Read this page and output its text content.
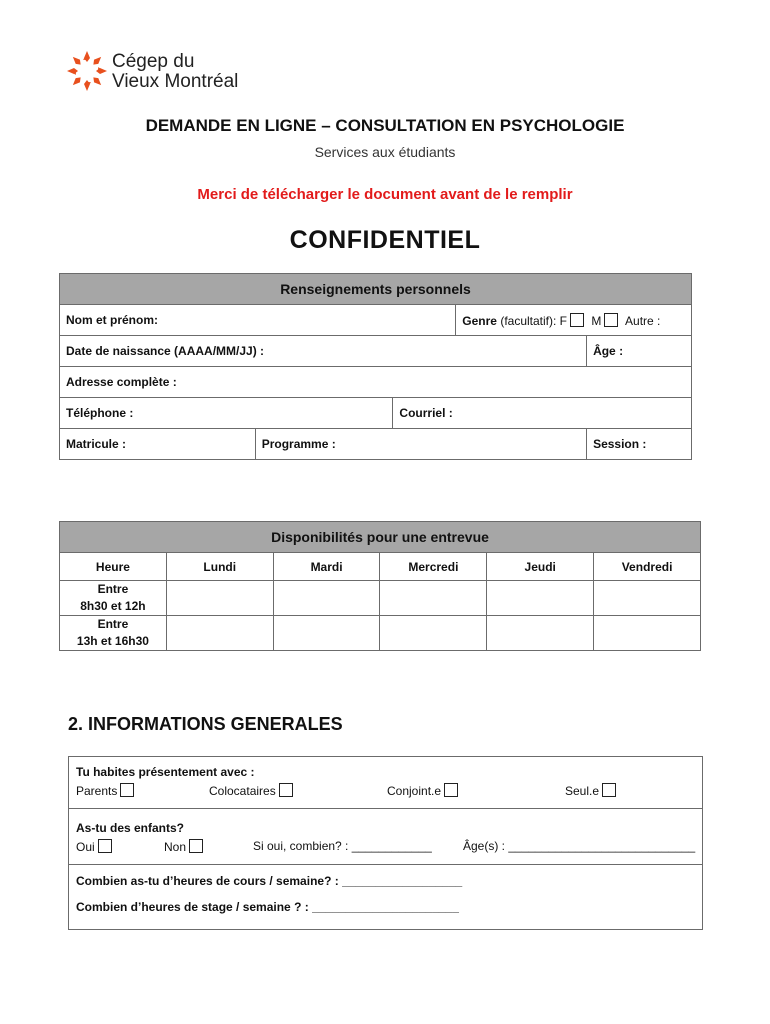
Cégep du
Vieux Montréal
DEMANDE EN LIGNE – CONSULTATION EN PSYCHOLOGIE
Services aux étudiants
Merci de télécharger le document avant de le remplir
CONFIDENTIEL
Renseignements personnels				
Nom et prénom:			Genre (facultatif): F M Autre :	
Date de naissance (AAAA/MM/JJ) :				Âge :
Adresse complète :				
Téléphone :		Courriel :		
Matricule :	Programme :			Session :
Disponibilités pour une entrevue					
Heure	Lundi	Mardi	Mercredi	Jeudi	Vendredi

Entre
8h30 et 12h					

Entre
13h et 16h30					

2. INFORMATIONS GENERALES
Tu habites présentement avec :
Parents	Colocataires	Conjoint.e	Seul.e
As-tu des enfants?
Oui	Non	Si oui, combien? : ____________	Âge(s) : ____________________________
Combien as-tu d’heures de cours / semaine? : __________________
Combien d’heures de stage / semaine ? : ______________________
